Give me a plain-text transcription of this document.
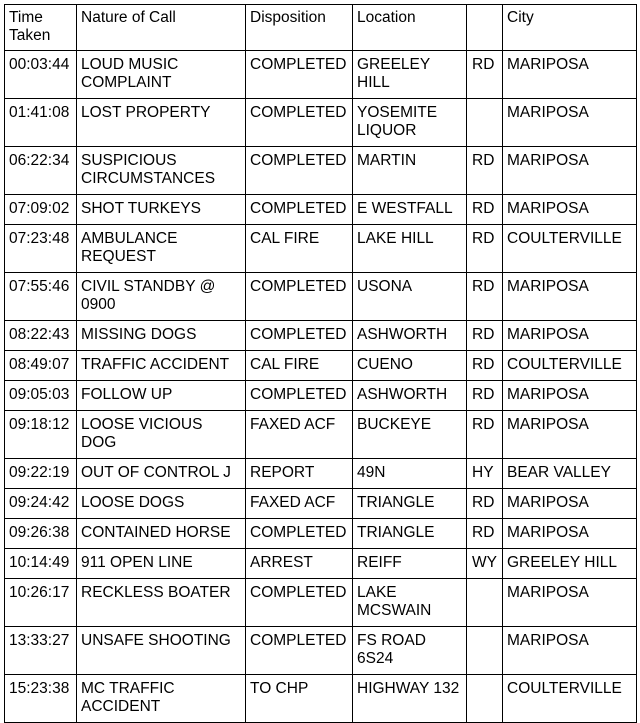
Time Taken	Nature of Call	Disposition	Location		City
00:03:44	LOUD MUSIC COMPLAINT	COMPLETED	GREELEY HILL	RD	MARIPOSA
01:41:08	LOST PROPERTY	COMPLETED	YOSEMITE LIQUOR		MARIPOSA
06:22:34	SUSPICIOUS CIRCUMSTANCES	COMPLETED	MARTIN	RD	MARIPOSA
07:09:02	SHOT TURKEYS	COMPLETED	E WESTFALL	RD	MARIPOSA
07:23:48	AMBULANCE REQUEST	CAL FIRE	LAKE HILL	RD	COULTERVILLE
07:55:46	CIVIL STANDBY @ 0900	COMPLETED	USONA	RD	MARIPOSA
08:22:43	MISSING DOGS	COMPLETED	ASHWORTH	RD	MARIPOSA
08:49:07	TRAFFIC ACCIDENT	CAL FIRE	CUENO	RD	COULTERVILLE
09:05:03	FOLLOW UP	COMPLETED	ASHWORTH	RD	MARIPOSA
09:18:12	LOOSE VICIOUS DOG	FAXED ACF	BUCKEYE	RD	MARIPOSA
09:22:19	OUT OF CONTROL J	REPORT	49N	HY	BEAR VALLEY
09:24:42	LOOSE DOGS	FAXED ACF	TRIANGLE	RD	MARIPOSA
09:26:38	CONTAINED HORSE	COMPLETED	TRIANGLE	RD	MARIPOSA
10:14:49	911 OPEN LINE	ARREST	REIFF	WY	GREELEY HILL
10:26:17	RECKLESS BOATER	COMPLETED	LAKE MCSWAIN		MARIPOSA
13:33:27	UNSAFE SHOOTING	COMPLETED	FS ROAD 6S24		MARIPOSA
15:23:38	MC TRAFFIC ACCIDENT	TO CHP	HIGHWAY 132		COULTERVILLE
